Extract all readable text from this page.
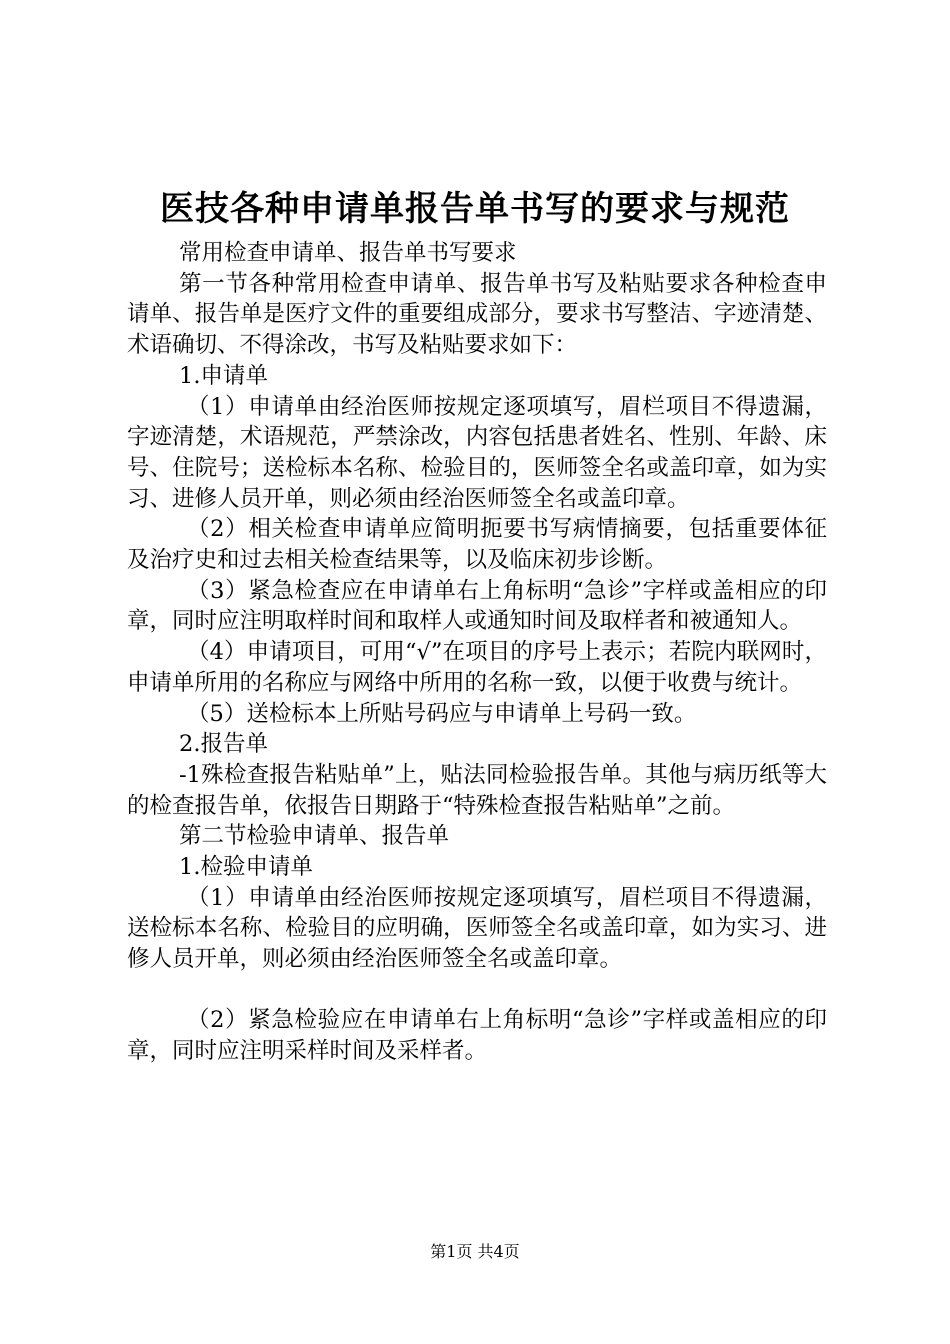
医技各种申请单报告单书写的要求与规范

常用检查申请单、报告单书写要求

第一节各种常用检查申请单、报告单书写及粘贴要求各种检查申请单、报告单是医疗文件的重要组成部分，要求书写整洁、字迹清楚、术语确切、不得涂改，书写及粘贴要求如下：

1.申请单

（1）申请单由经治医师按规定逐项填写，眉栏项目不得遗漏，字迹清楚，术语规范，严禁涂改，内容包括患者姓名、性别、年龄、床号、住院号；送检标本名称、检验目的，医师签全名或盖印章，如为实习、进修人员开单，则必须由经治医师签全名或盖印章。

（2）相关检查申请单应简明扼要书写病情摘要，包括重要体征及治疗史和过去相关检查结果等，以及临床初步诊断。

（3）紧急检查应在申请单右上角标明“急诊”字样或盖相应的印章，同时应注明取样时间和取样人或通知时间及取样者和被通知人。

（4）申请项目，可用“√”在项目的序号上表示；若院内联网时，申请单所用的名称应与网络中所用的名称一致，以便于收费与统计。

（5）送检标本上所贴号码应与申请单上号码一致。

2.报告单

-1殊检查报告粘贴单”上，贴法同检验报告单。其他与病历纸等大的检查报告单，依报告日期路于“特殊检查报告粘贴单”之前。

第二节检验申请单、报告单

1.检验申请单

（1）申请单由经治医师按规定逐项填写，眉栏项目不得遗漏，送检标本名称、检验目的应明确，医师签全名或盖印章，如为实习、进修人员开单，则必须由经治医师签全名或盖印章。

（2）紧急检验应在申请单右上角标明“急诊”字样或盖相应的印章，同时应注明采样时间及采样者。

第1页 共4页
